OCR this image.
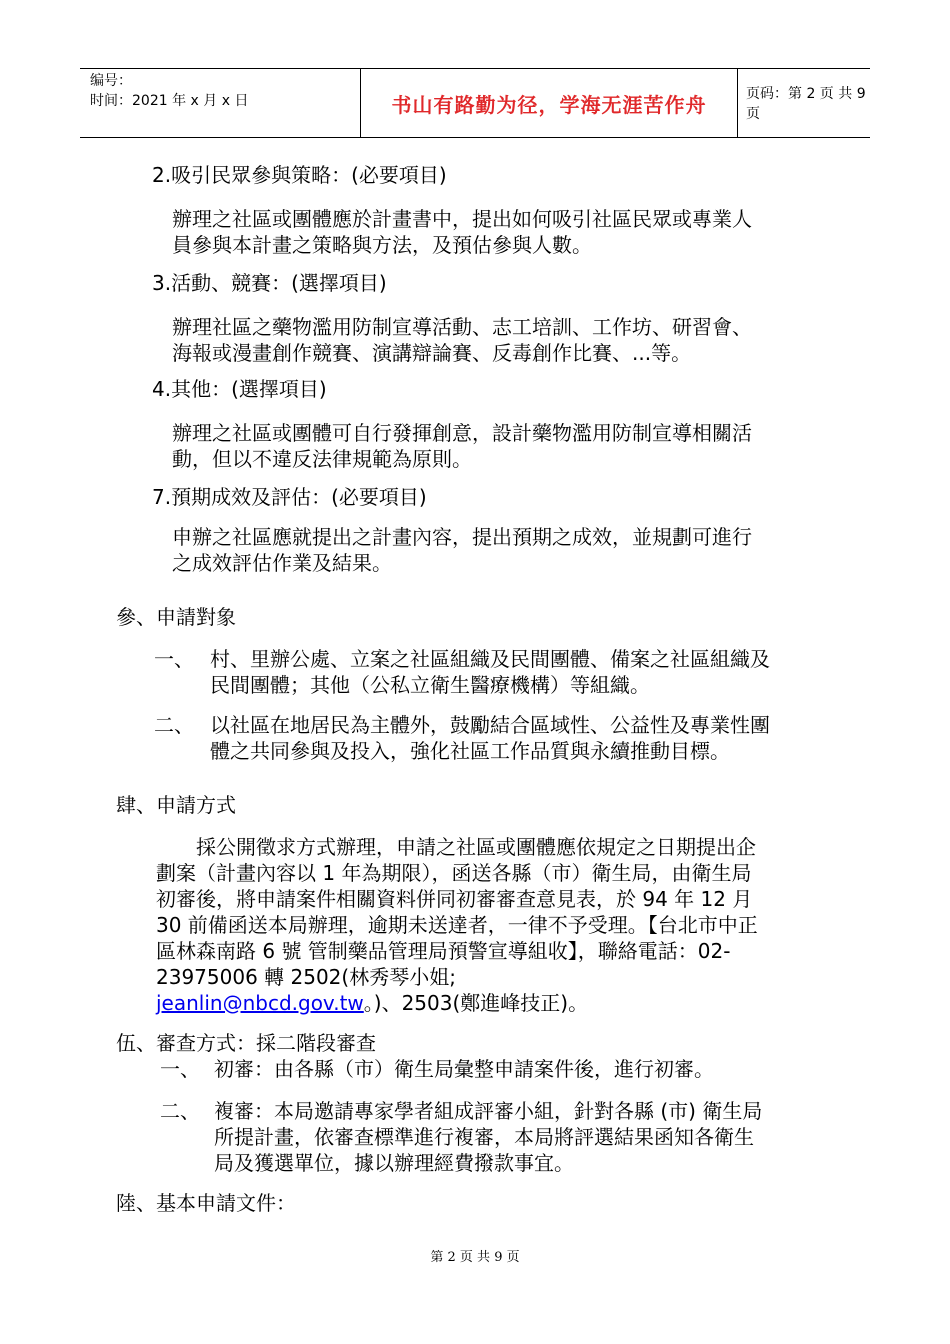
编号：
时间：2021 年 x 月 x 日	书山有路勤为径，学海无涯苦作舟	页码：第 2 页 共 9 页
2.吸引民眾參與策略：(必要項目)
辦理之社區或團體應於計畫書中，提出如何吸引社區民眾或專業人
員參與本計畫之策略與方法，及預估參與人數。
3.活動、競賽：(選擇項目)
辦理社區之藥物濫用防制宣導活動、志工培訓、工作坊、研習會、
海報或漫畫創作競賽、演講辯論賽、反毒創作比賽、...等。
4.其他：(選擇項目)
辦理之社區或團體可自行發揮創意，設計藥物濫用防制宣導相關活
動，但以不違反法律規範為原則。
7.預期成效及評估：(必要項目)
申辦之社區應就提出之計畫內容，提出預期之成效，並規劃可進行
之成效評估作業及結果。
參、申請對象
一、 村、里辦公處、立案之社區組織及民間團體、備案之社區組織及
民間團體；其他（公私立衛生醫療機構）等組織。
二、 以社區在地居民為主體外，鼓勵結合區域性、公益性及專業性團
體之共同參與及投入，強化社區工作品質與永續推動目標。
肆、申請方式
採公開徵求方式辦理，申請之社區或團體應依規定之日期提出企
劃案（計畫內容以 1 年為期限），函送各縣（市）衛生局，由衛生局
初審後，將申請案件相關資料併同初審審查意見表，於 94 年 12 月
30 前備函送本局辦理，逾期未送達者，一律不予受理。【台北市中正
區林森南路 6 號 管制藥品管理局預警宣導組收】，聯絡電話：02-
23975006 轉 2502(林秀琴小姐;
jeanlin@nbcd.gov.tw。)、2503(鄭進峰技正)。
伍、審查方式：採二階段審查
一、 初審：由各縣（市）衛生局彙整申請案件後，進行初審。
二、 複審：本局邀請專家學者組成評審小組，針對各縣 (市) 衛生局
所提計畫，依審查標準進行複審，本局將評選結果函知各衛生
局及獲選單位，據以辦理經費撥款事宜。
陸、基本申請文件：
第 2 页 共 9 页
